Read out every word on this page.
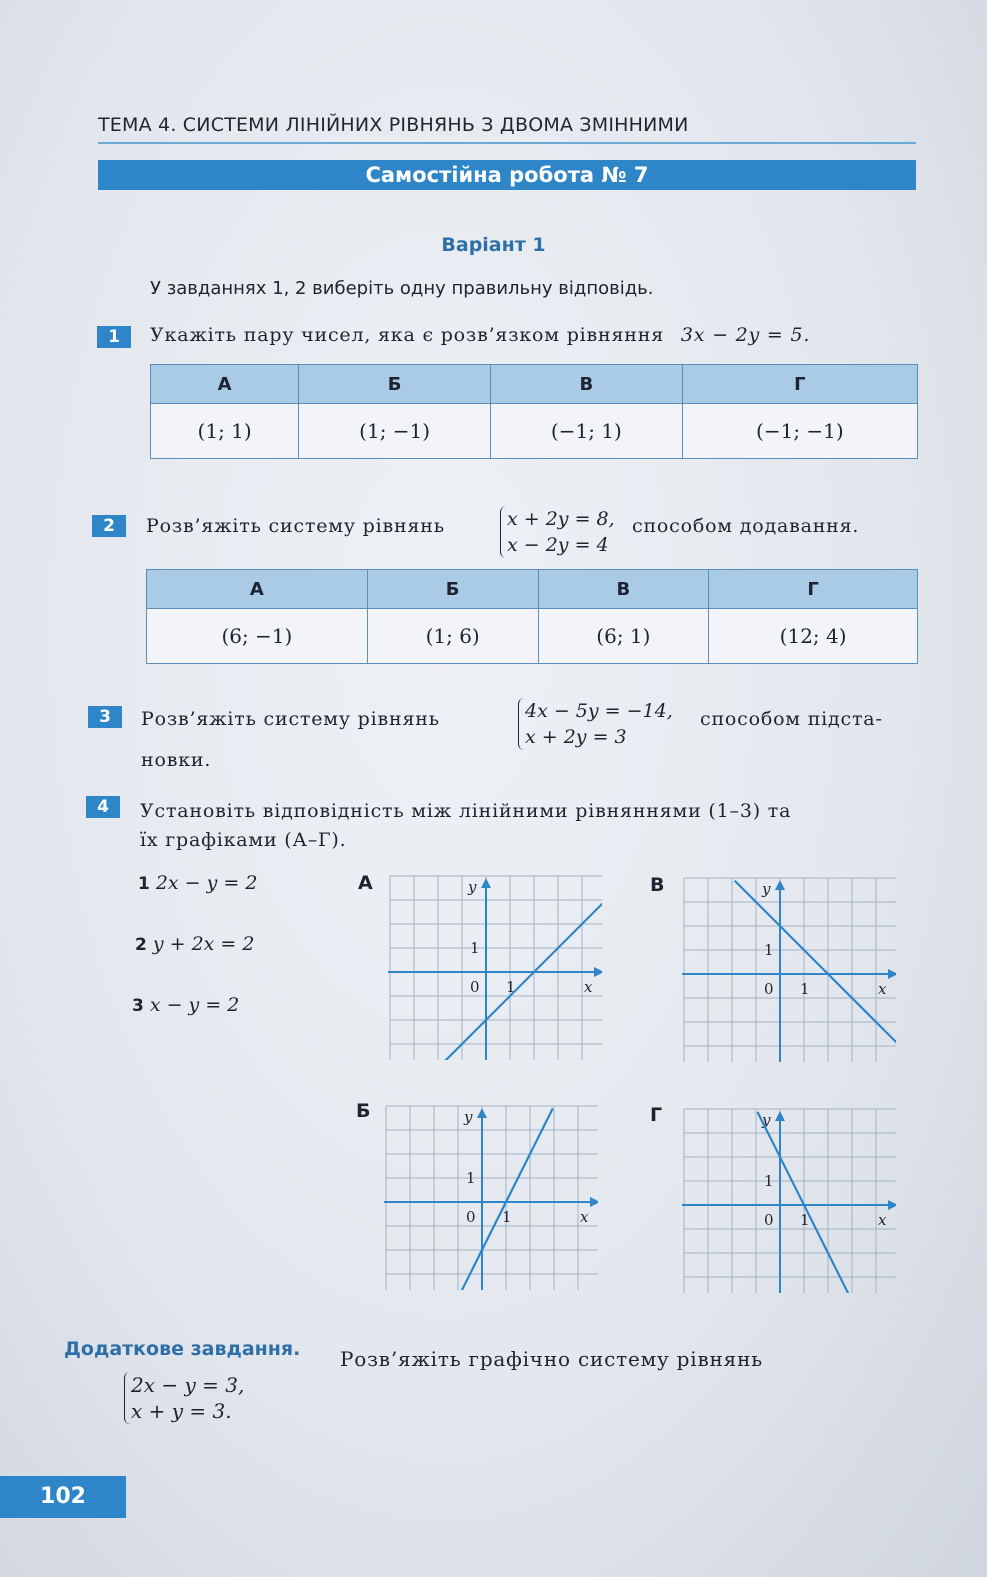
ТЕМА 4. СИСТЕМИ ЛІНІЙНИХ РІВНЯНЬ З ДВОМА ЗМІННИМИ
Самостійна робота № 7
Варіант 1
У завданнях 1, 2 виберіть одну правильну відповідь.
1	Укажіть пару чисел, яка є розв’язком рівняння 3x − 2y = 5.
А	Б	В	Г
(1; 1)	(1; −1)	(−1; 1)	(−1; −1)
2	Розв’яжіть систему рівнянь	x + 2y = 8,
x − 2y = 4
способом додавання.
А	Б	В	Г
(6; −1)	(1; 6)	(6; 1)	(12; 4)
3	Розв’яжіть систему рівнянь	4x − 5y = −14,
x + 2y = 3
способом підста-
новки.
4	Установіть відповідність між лінійними рівняннями (1–3) та
їх графіками (А–Г).
1 2x − y = 2
2 y + 2x = 2
3 x − y = 2
А	В
Б	Г
y
x
0 1
1
y
x
0 1
1
y
x
0 1
1
y
x
0 1
1
Додаткове завдання. Розв’яжіть графічно систему рівнянь
2x − y = 3,
x + y = 3.
102
